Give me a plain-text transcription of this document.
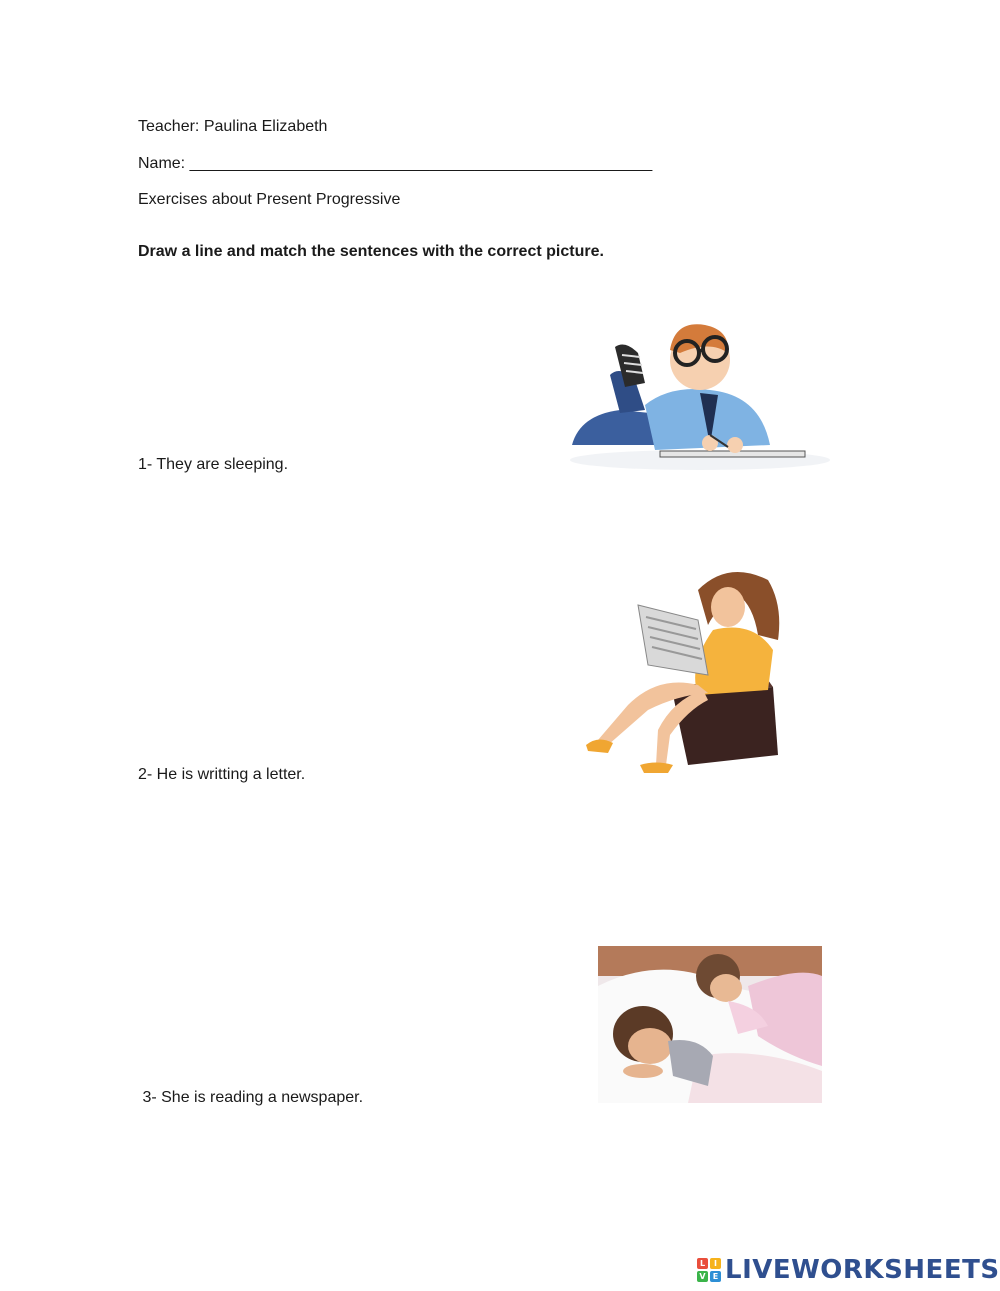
Teacher: Paulina Elizabeth
Name: ____________________________________________________
Exercises about Present Progressive
Draw a line and match the sentences with the correct picture.
1- They are sleeping.
2- He is writting a letter.
3- She is reading a newspaper.
L	I
V E LIVEWORKSHEETS
